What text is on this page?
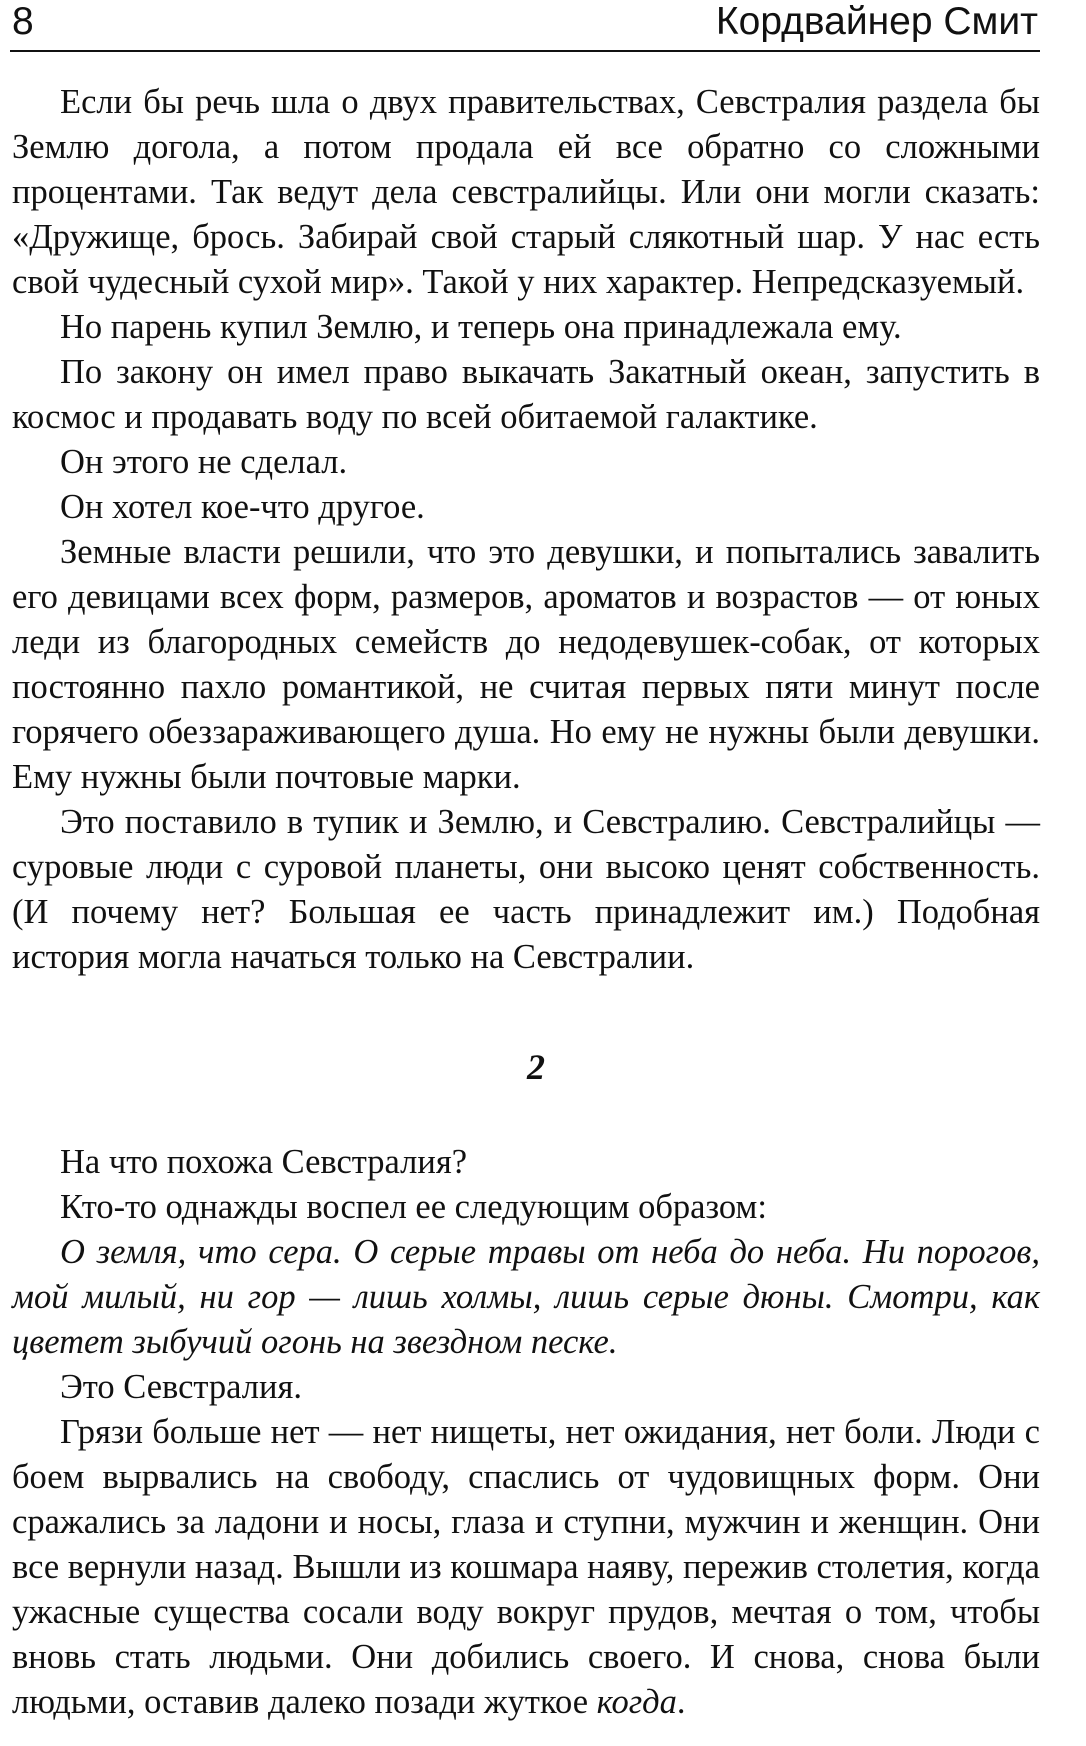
8	Кордвайнер Смит

Если бы речь шла о двух правительствах, Севстралия раздела бы Землю догола, а потом продала ей все обратно со сложными процентами. Так ведут дела севстралийцы. Или они могли сказать: «Дружище, брось. Забирай свой старый слякотный шар. У нас есть свой чудесный сухой мир». Такой у них характер. Непредсказуемый.

Но парень купил Землю, и теперь она принадлежала ему.

По закону он имел право выкачать Закатный океан, запустить в космос и продавать воду по всей обитаемой галактике.

Он этого не сделал.

Он хотел кое-что другое.

Земные власти решили, что это девушки, и попытались завалить его девицами всех форм, размеров, ароматов и возрастов — от юных леди из благородных семейств до недодевушек-собак, от которых постоянно пахло романтикой, не считая первых пяти минут после горячего обеззараживающего душа. Но ему не нужны были девушки. Ему нужны были почтовые марки.

Это поставило в тупик и Землю, и Севстралию. Севстралийцы — суровые люди с суровой планеты, они высоко ценят собственность. (И почему нет? Большая ее часть принадлежит им.) Подобная история могла начаться только на Севстралии.

2

На что похожа Севстралия?

Кто-то однажды воспел ее следующим образом:

О земля, что сера. О серые травы от неба до неба. Ни порогов, мой милый, ни гор — лишь холмы, лишь серые дюны. Смотри, как цветет зыбучий огонь на звездном песке.

Это Севстралия.

Грязи больше нет — нет нищеты, нет ожидания, нет боли. Люди с боем вырвались на свободу, спаслись от чудовищных форм. Они сражались за ладони и носы, глаза и ступни, мужчин и женщин. Они все вернули назад. Вышли из кошмара наяву, пережив столетия, когда ужасные существа сосали воду вокруг прудов, мечтая о том, чтобы вновь стать людьми. Они добились своего. И снова, снова были людьми, оставив далеко позади жуткое когда.
